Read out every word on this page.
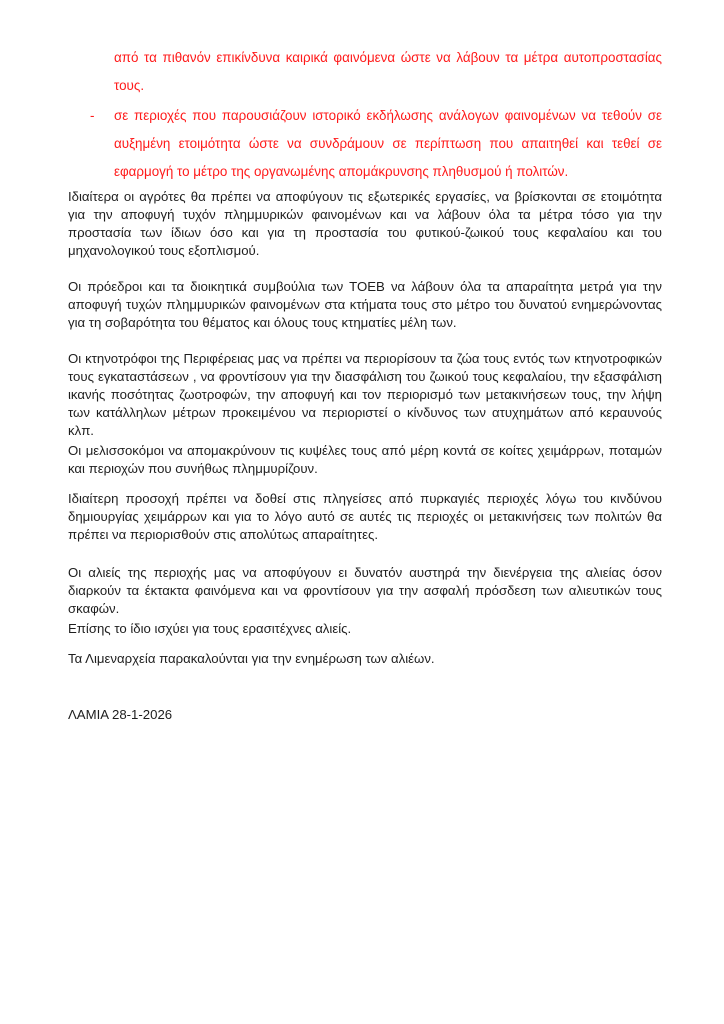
από τα πιθανόν επικίνδυνα καιρικά φαινόμενα ώστε να λάβουν τα μέτρα αυτοπροστασίας τους.
- σε περιοχές που παρουσιάζουν ιστορικό εκδήλωσης ανάλογων φαινομένων να τεθούν σε αυξημένη ετοιμότητα ώστε να συνδράμουν σε περίπτωση που απαιτηθεί και τεθεί σε εφαρμογή το μέτρο της οργανωμένης απομάκρυνσης πληθυσμού ή πολιτών.

Ιδιαίτερα οι αγρότες θα πρέπει να αποφύγουν τις εξωτερικές εργασίες, να βρίσκονται σε ετοιμότητα για την αποφυγή τυχόν πλημμυρικών φαινομένων και να λάβουν όλα τα μέτρα τόσο για την προστασία των ίδιων όσο και για τη προστασία του φυτικού-ζωικού τους κεφαλαίου και του μηχανολογικού τους εξοπλισμού.

Οι πρόεδροι και τα διοικητικά συμβούλια των ΤΟΕΒ να λάβουν όλα τα απαραίτητα μετρά για την αποφυγή τυχών πλημμυρικών φαινομένων στα κτήματα τους στο μέτρο του δυνατού ενημερώνοντας για τη σοβαρότητα του θέματος και όλους τους κτηματίες μέλη των.

Οι κτηνοτρόφοι της Περιφέρειας μας να πρέπει να περιορίσουν τα ζώα τους εντός των κτηνοτροφικών τους εγκαταστάσεων , να φροντίσουν για την διασφάλιση του ζωικού τους κεφαλαίου, την εξασφάλιση ικανής ποσότητας ζωοτροφών, την αποφυγή και τον περιορισμό των μετακινήσεων τους, την λήψη των κατάλληλων μέτρων προκειμένου να περιοριστεί ο κίνδυνος των ατυχημάτων από κεραυνούς κλπ.

Οι μελισσοκόμοι να απομακρύνουν τις κυψέλες τους από μέρη κοντά σε κοίτες χειμάρρων, ποταμών και περιοχών που συνήθως πλημμυρίζουν.

Ιδιαίτερη προσοχή πρέπει να δοθεί στις πληγείσες από πυρκαγιές περιοχές λόγω του κινδύνου δημιουργίας χειμάρρων και για το λόγο αυτό σε αυτές τις περιοχές οι μετακινήσεις των πολιτών θα πρέπει να περιορισθούν στις απολύτως απαραίτητες.

Οι αλιείς της περιοχής μας να αποφύγουν ει δυνατόν αυστηρά την διενέργεια της αλιείας όσον διαρκούν τα έκτακτα φαινόμενα και να φροντίσουν για την ασφαλή πρόσδεση των αλιευτικών τους σκαφών.

Επίσης το ίδιο ισχύει για τους ερασιτέχνες αλιείς.

Τα Λιμεναρχεία παρακαλούνται για την ενημέρωση των αλιέων.

ΛΑΜΙΑ 28-1-2026
